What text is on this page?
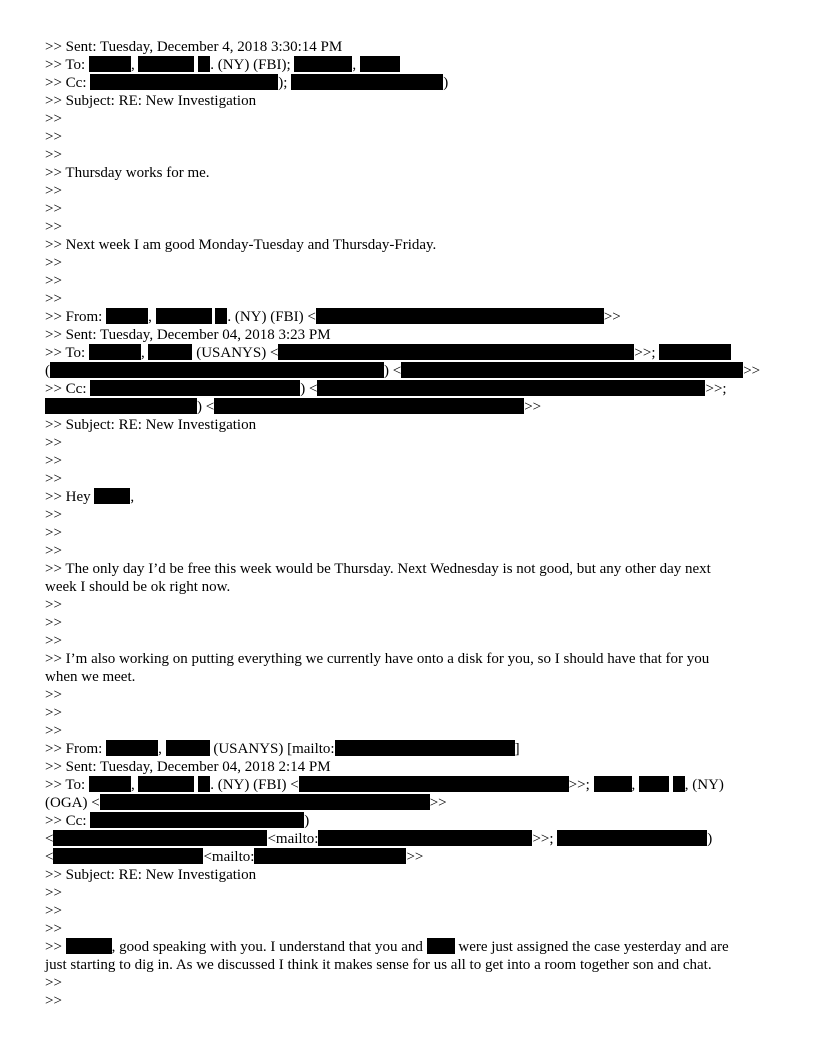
>> Sent: Tuesday, December 4, 2018 3:30:14 PM
>> To:	,	. (NY) (FBI);	,
>> Cc:	);	)
>> Subject: RE: New Investigation
>>
>>
>>
>> Thursday works for me.
>>
>>
>>
>> Next week I am good Monday-Tuesday and Thursday-Friday.
>>
>>
>>
>> From:	,	. (NY) (FBI) <	>>
>> Sent: Tuesday, December 04, 2018 3:23 PM
>> To:	,	(USANYS) <	>>;
(	) <	>>
>> Cc:	) <	>>;
) <	>>
>> Subject: RE: New Investigation
>>
>>
>>
>> Hey	,
>>
>>
>>
>> The only day I’d be free this week would be Thursday. Next Wednesday is not good, but any other day next
week I should be ok right now.
>>
>>
>>
>> I’m also working on putting everything we currently have onto a disk for you, so I should have that for you
when we meet.
>>
>>
>>
>> From:	,	(USANYS) [mailto:	]
>> Sent: Tuesday, December 04, 2018 2:14 PM
>> To:	,	. (NY) (FBI) <	>>;	,	, (NY)
(OGA) <	>>
>> Cc:	)
<	<mailto:	>>;	)
<	<mailto:	>>
>> Subject: RE: New Investigation
>>
>>
>>
>>	, good speaking with you. I understand that you and were just assigned the case yesterday and are
just starting to dig in. As we discussed I think it makes sense for us all to get into a room together son and chat.
>>
>>
